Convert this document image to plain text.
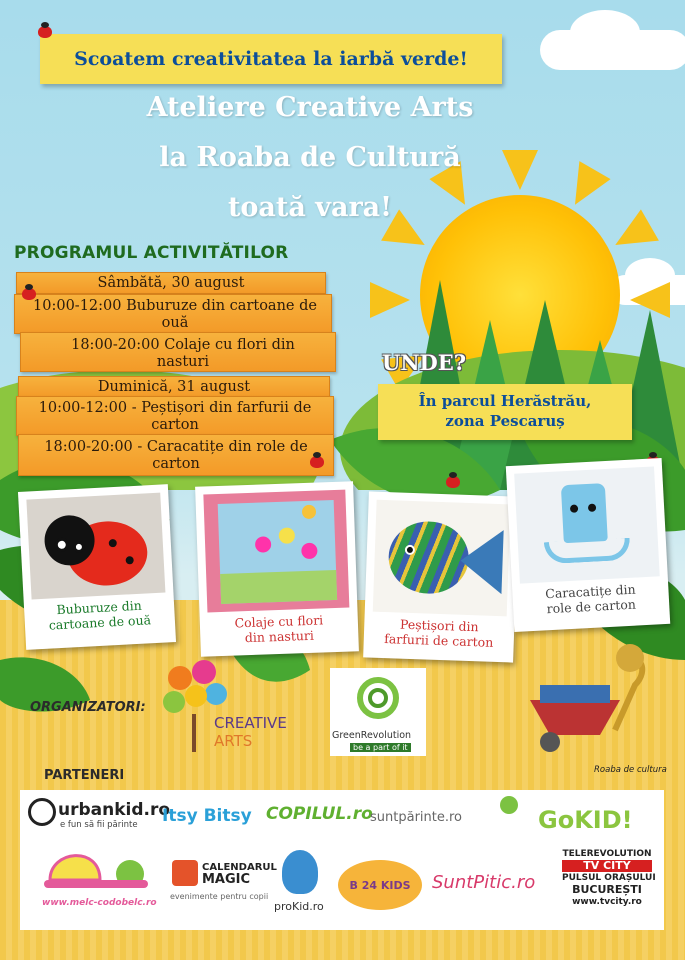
Scoatem creativitatea la iarbă verde!
Ateliere Creative Arts
la Roaba de Cultură
toată vara!
PROGRAMUL ACTIVITĂTILOR
Sâmbătă, 30 august
10:00-12:00 Buburuze din cartoane de ouă
18:00-20:00 Colaje cu flori din nasturi
Duminică, 31 august
10:00-12:00 - Peștișori din farfurii de carton
18:00-20:00 - Caracatițe din role de carton
UNDE?
În parcul Herăstrău,
zona Pescaruș
Buburuze din
cartoane de ouă	Colaje cu flori
din nasturi
Peștișori din
farfurii de carton
Caracatițe din
role de carton
ORGANIZATORI:
CREATIVE
ARTS	GreenRevolution
be a part of it
Roaba de cultura
PARTENERI
urbankid.ro
e fun să fii părinte Itsy Bitsy COPILUL.ro
suntpărinte.ro	GoKID!
www.melc-codobelc.ro
CALENDARUL
MAGIC
evenimente pentru copii
proKid.ro
B 24 KIDS SuntPitic.ro
TELEREVOLUTION
TV CITY
PULSUL ORAȘULUI
BUCUREȘTI
www.tvcity.ro
